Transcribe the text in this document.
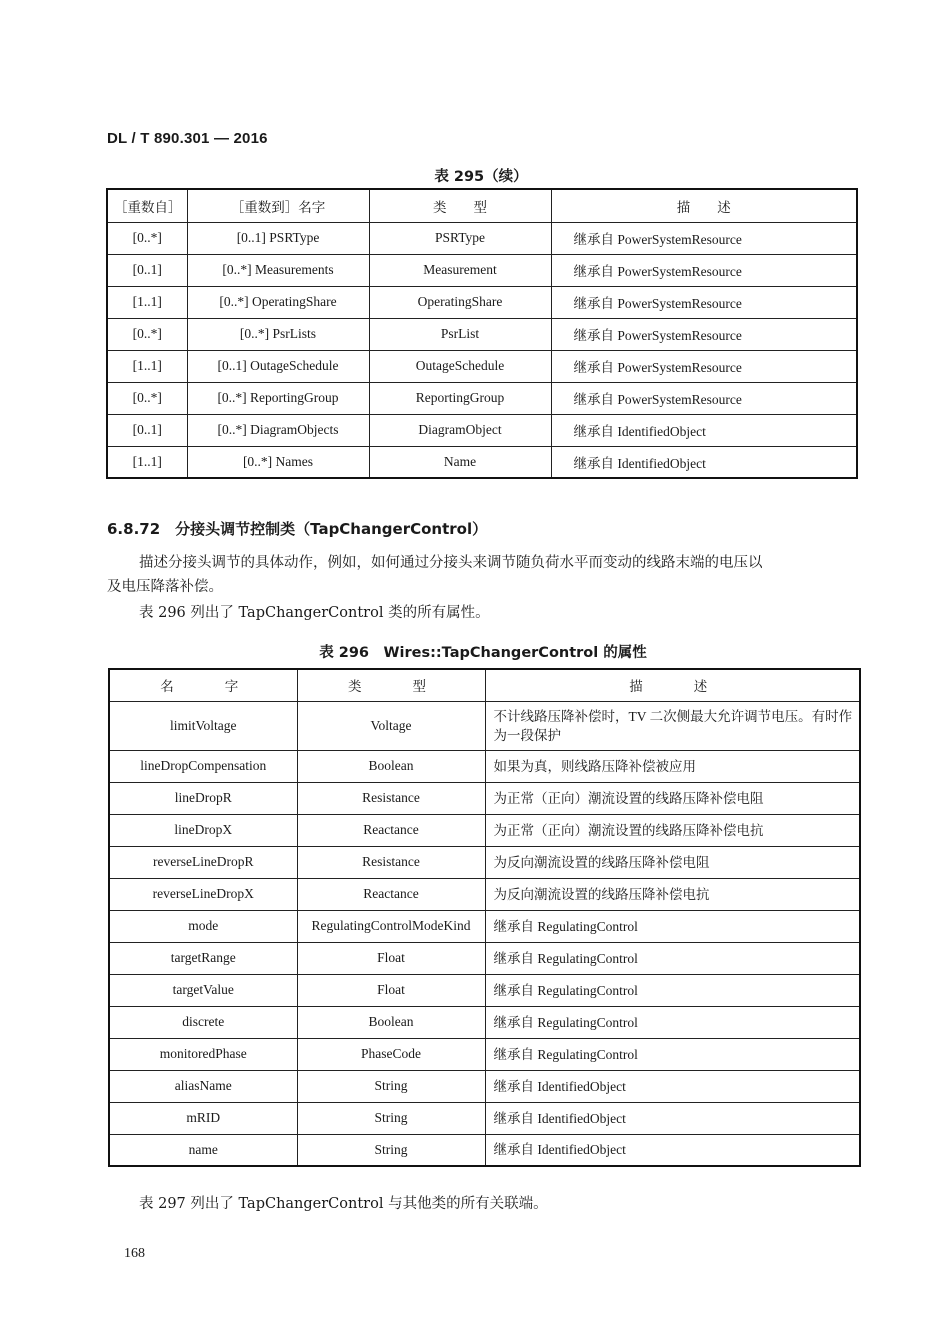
DL / T 890.301 — 2016
表 295（续）
［重数自］	［重数到］名字	类　　型	描　　述
[0..*]	[0..1] PSRType	PSRType	继承自 PowerSystemResource
[0..1]	[0..*] Measurements	Measurement	继承自 PowerSystemResource
[1..1]	[0..*] OperatingShare	OperatingShare	继承自 PowerSystemResource
[0..*]	[0..*] PsrLists	PsrList	继承自 PowerSystemResource
[1..1]	[0..1] OutageSchedule	OutageSchedule	继承自 PowerSystemResource
[0..*]	[0..*] ReportingGroup	ReportingGroup	继承自 PowerSystemResource
[0..1]	[0..*] DiagramObjects	DiagramObject	继承自 IdentifiedObject
[1..1]	[0..*] Names	Name	继承自 IdentifiedObject
6.8.72　分接头调节控制类（TapChangerControl）
描述分接头调节的具体动作，例如，如何通过分接头来调节随负荷水平而变动的线路末端的电压以
及电压降落补偿。
表 296 列出了 TapChangerControl 类的所有属性。
表 296　Wires::TapChangerControl 的属性
名　　字	类　　型	描　　述
limitVoltage	Voltage	不计线路压降补偿时，TV 二次侧最大允许调节电压。有时作为一段保护
lineDropCompensation	Boolean	如果为真，则线路压降补偿被应用
lineDropR	Resistance	为正常（正向）潮流设置的线路压降补偿电阻
lineDropX	Reactance	为正常（正向）潮流设置的线路压降补偿电抗
reverseLineDropR	Resistance	为反向潮流设置的线路压降补偿电阻
reverseLineDropX	Reactance	为反向潮流设置的线路压降补偿电抗
mode	RegulatingControlModeKind	继承自 RegulatingControl
targetRange	Float	继承自 RegulatingControl
targetValue	Float	继承自 RegulatingControl
discrete	Boolean	继承自 RegulatingControl
monitoredPhase	PhaseCode	继承自 RegulatingControl
aliasName	String	继承自 IdentifiedObject
mRID	String	继承自 IdentifiedObject
name	String	继承自 IdentifiedObject
表 297 列出了 TapChangerControl 与其他类的所有关联端。
168
